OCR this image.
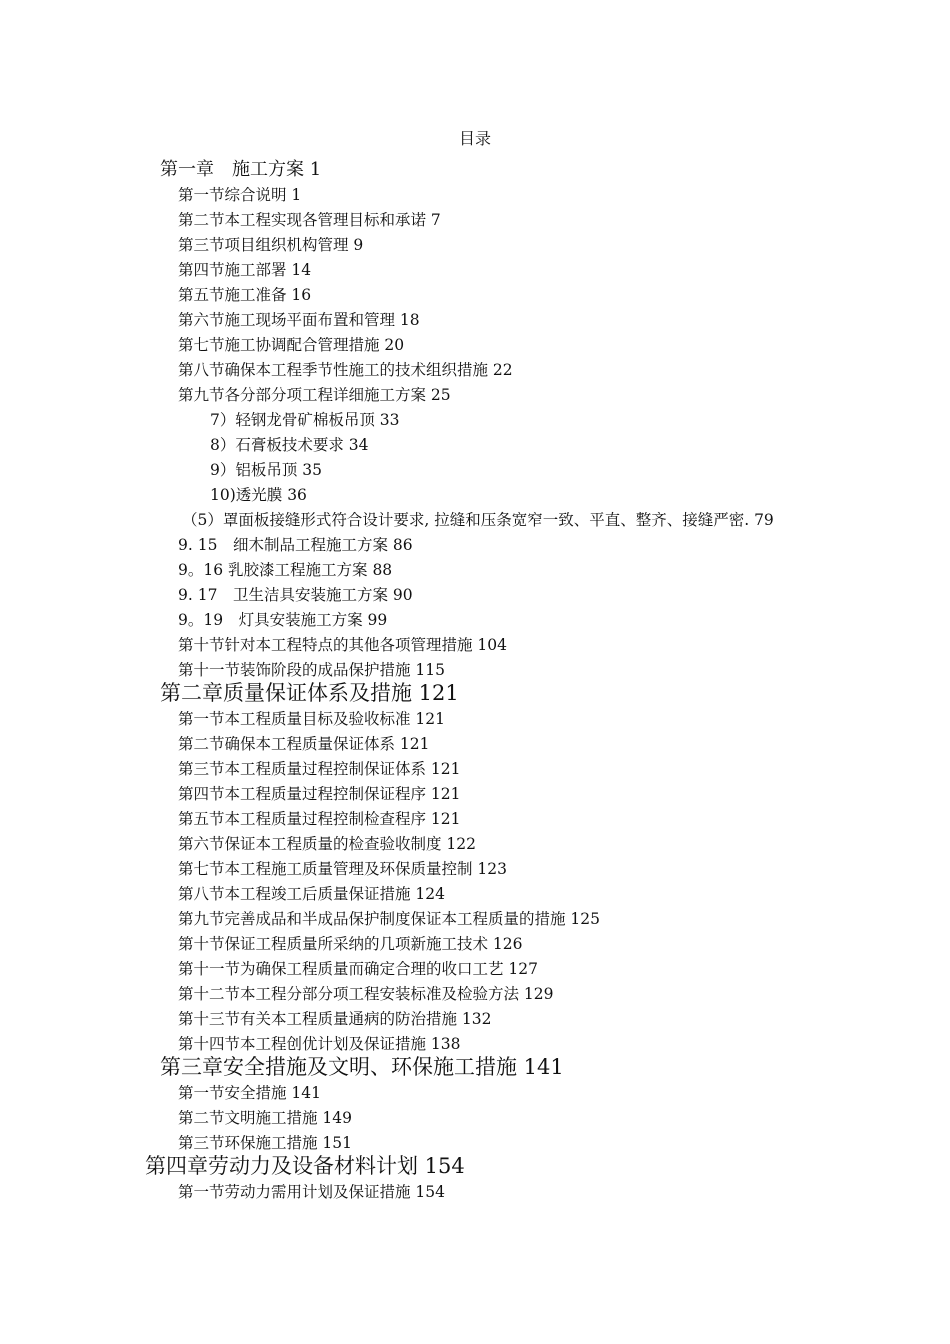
目录
第一章　施工方案 1
第一节综合说明 1
第二节本工程实现各管理目标和承诺 7
第三节项目组织机构管理 9
第四节施工部署 14
第五节施工准备 16
第六节施工现场平面布置和管理 18
第七节施工协调配合管理措施 20
第八节确保本工程季节性施工的技术组织措施 22
第九节各分部分项工程详细施工方案 25
7）轻钢龙骨矿棉板吊顶 33
8）石膏板技术要求 34
9）铝板吊顶 35
10)透光膜 36
（5）罩面板接缝形式符合设计要求, 拉缝和压条宽窄一致、平直、整齐、接缝严密. 79
9. 15　细木制品工程施工方案 86
9。16 乳胶漆工程施工方案 88
9. 17　卫生洁具安装施工方案 90
9。19　灯具安装施工方案 99
第十节针对本工程特点的其他各项管理措施 104
第十一节装饰阶段的成品保护措施 115
第二章质量保证体系及措施 121
第一节本工程质量目标及验收标准 121
第二节确保本工程质量保证体系 121
第三节本工程质量过程控制保证体系 121
第四节本工程质量过程控制保证程序 121
第五节本工程质量过程控制检查程序 121
第六节保证本工程质量的检查验收制度 122
第七节本工程施工质量管理及环保质量控制 123
第八节本工程竣工后质量保证措施 124
第九节完善成品和半成品保护制度保证本工程质量的措施 125
第十节保证工程质量所采纳的几项新施工技术 126
第十一节为确保工程质量而确定合理的收口工艺 127
第十二节本工程分部分项工程安装标准及检验方法 129
第十三节有关本工程质量通病的防治措施 132
第十四节本工程创优计划及保证措施 138
第三章安全措施及文明、环保施工措施 141
第一节安全措施 141
第二节文明施工措施 149
第三节环保施工措施 151
第四章劳动力及设备材料计划 154
第一节劳动力需用计划及保证措施 154
